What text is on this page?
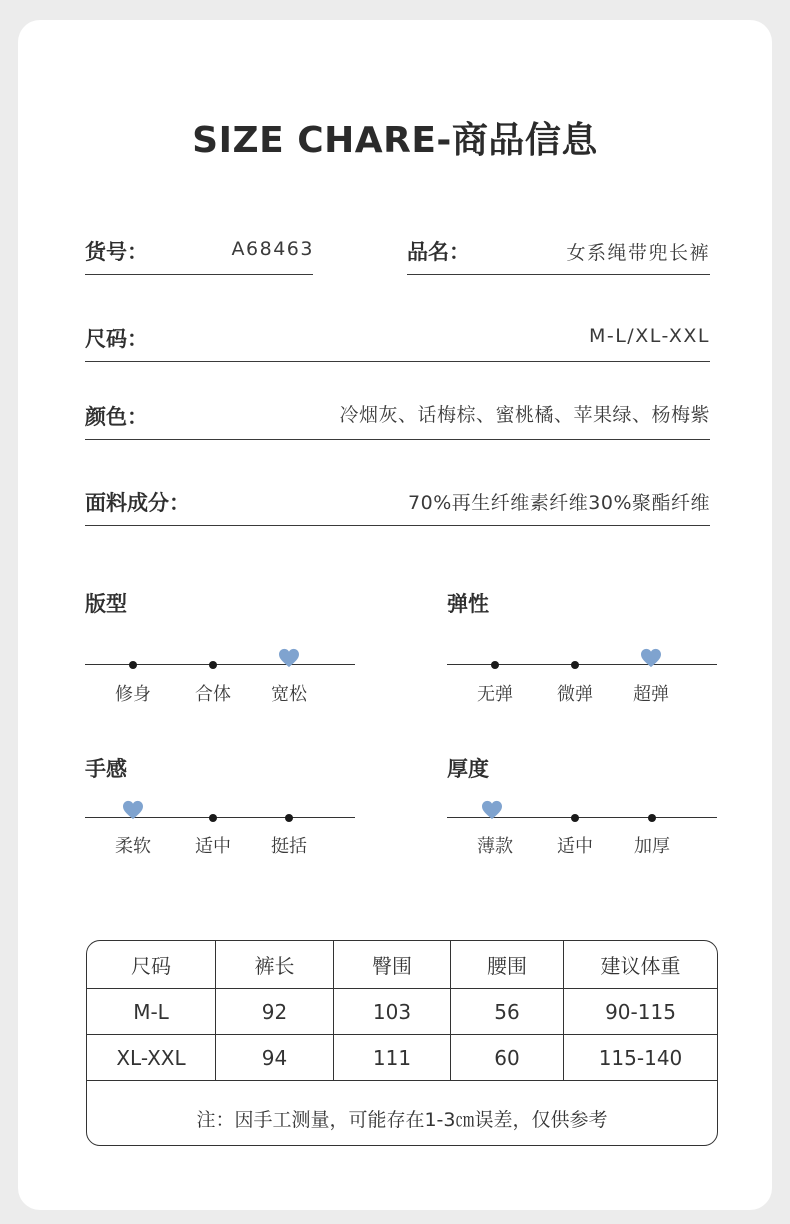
SIZE CHARE-商品信息
货号：	A68463	品名：	女系绳带兜长裤
尺码：	M-L/XL-XXL
颜色：	冷烟灰、话梅棕、蜜桃橘、苹果绿、杨梅紫
面料成分：	70%再生纤维素纤维30%聚酯纤维
版型
修身	合体	宽松
弹性
无弹	微弹	超弹
手感
柔软	适中	挺括
厚度
薄款	适中	加厚
尺码	裤长	臀围	腰围	建议体重
M-L	92	103	56	90-115
XL-XXL	94	111	60	115-140
注：因手工测量，可能存在1-3㎝误差，仅供参考
